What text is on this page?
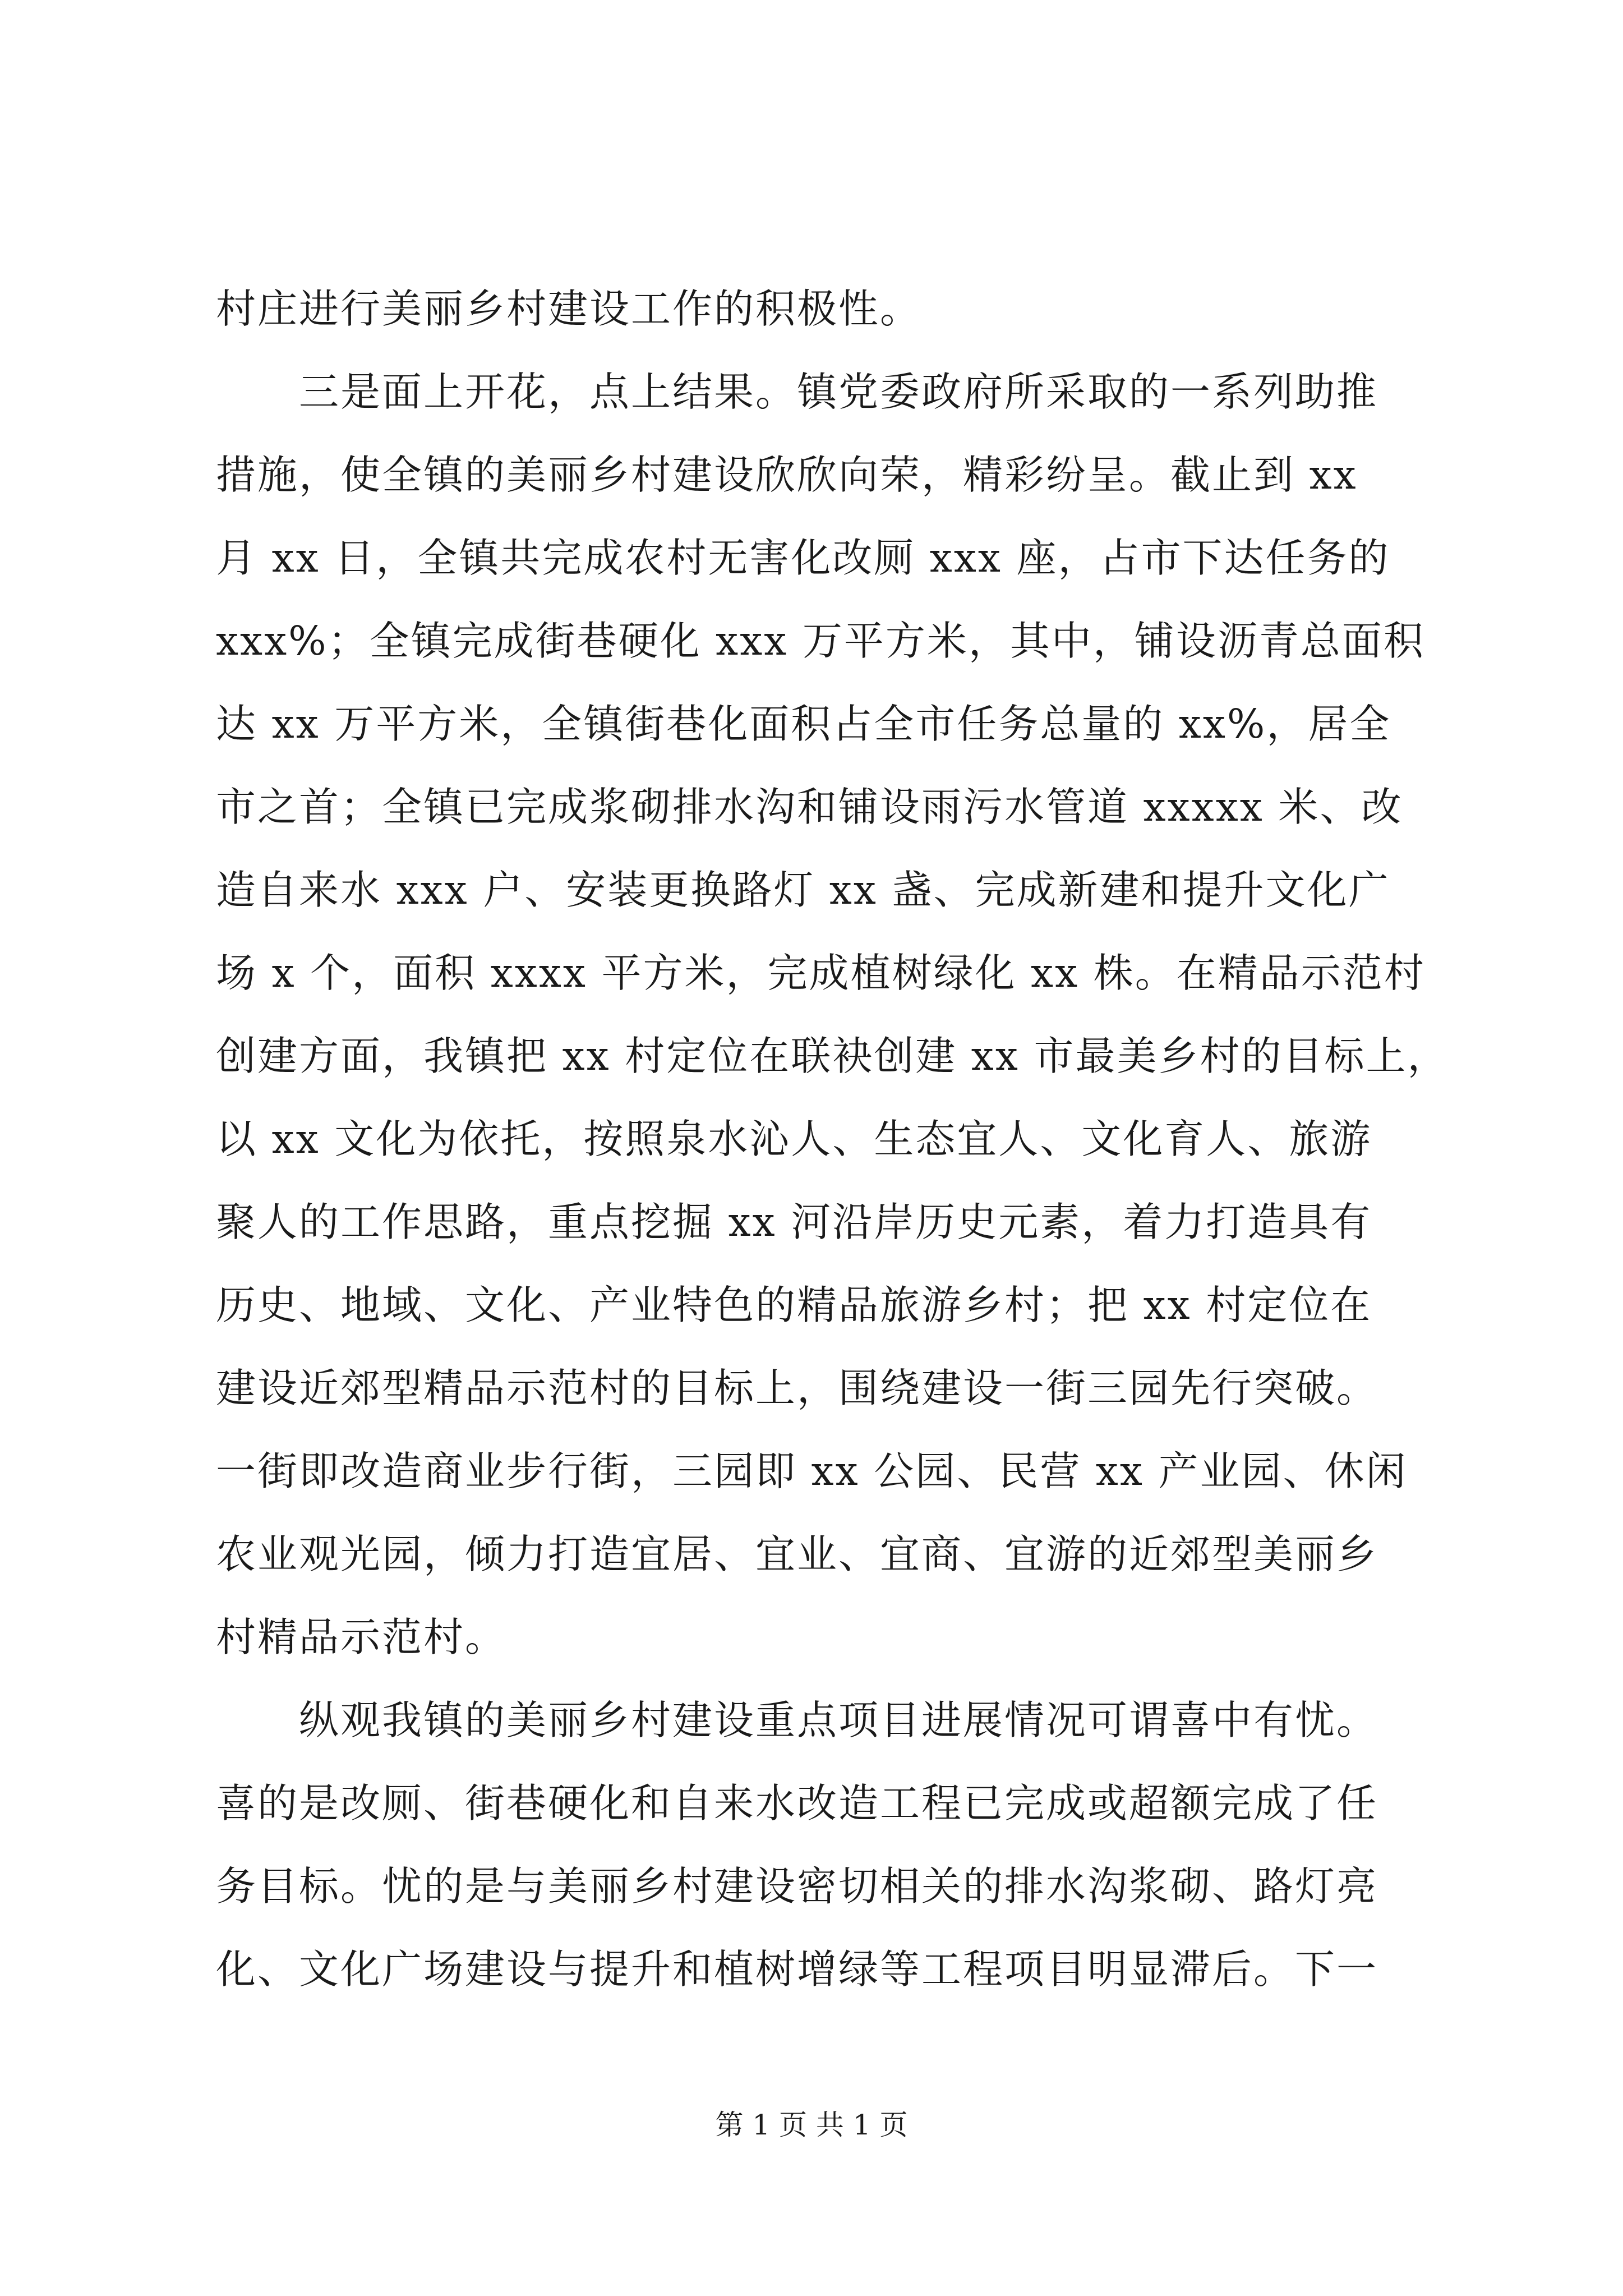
村庄进行美丽乡村建设工作的积极性。
　　三是面上开花，点上结果。镇党委政府所采取的一系列助推
措施，使全镇的美丽乡村建设欣欣向荣，精彩纷呈。截止到 xx
月 xx 日，全镇共完成农村无害化改厕 xxx 座，占市下达任务的
xxx%；全镇完成街巷硬化 xxx 万平方米，其中，铺设沥青总面积
达 xx 万平方米，全镇街巷化面积占全市任务总量的 xx%，居全
市之首；全镇已完成浆砌排水沟和铺设雨污水管道 xxxxx 米、改
造自来水 xxx 户、安装更换路灯 xx 盏、完成新建和提升文化广
场 x 个，面积 xxxx 平方米，完成植树绿化 xx 株。在精品示范村
创建方面，我镇把 xx 村定位在联袂创建 xx 市最美乡村的目标上，
以 xx 文化为依托，按照泉水沁人、生态宜人、文化育人、旅游
聚人的工作思路，重点挖掘 xx 河沿岸历史元素，着力打造具有
历史、地域、文化、产业特色的精品旅游乡村；把 xx 村定位在
建设近郊型精品示范村的目标上，围绕建设一街三园先行突破。
一街即改造商业步行街，三园即 xx 公园、民营 xx 产业园、休闲
农业观光园，倾力打造宜居、宜业、宜商、宜游的近郊型美丽乡
村精品示范村。
　　纵观我镇的美丽乡村建设重点项目进展情况可谓喜中有忧。
喜的是改厕、街巷硬化和自来水改造工程已完成或超额完成了任
务目标。忧的是与美丽乡村建设密切相关的排水沟浆砌、路灯亮
化、文化广场建设与提升和植树增绿等工程项目明显滞后。下一
第 1 页 共 1 页
